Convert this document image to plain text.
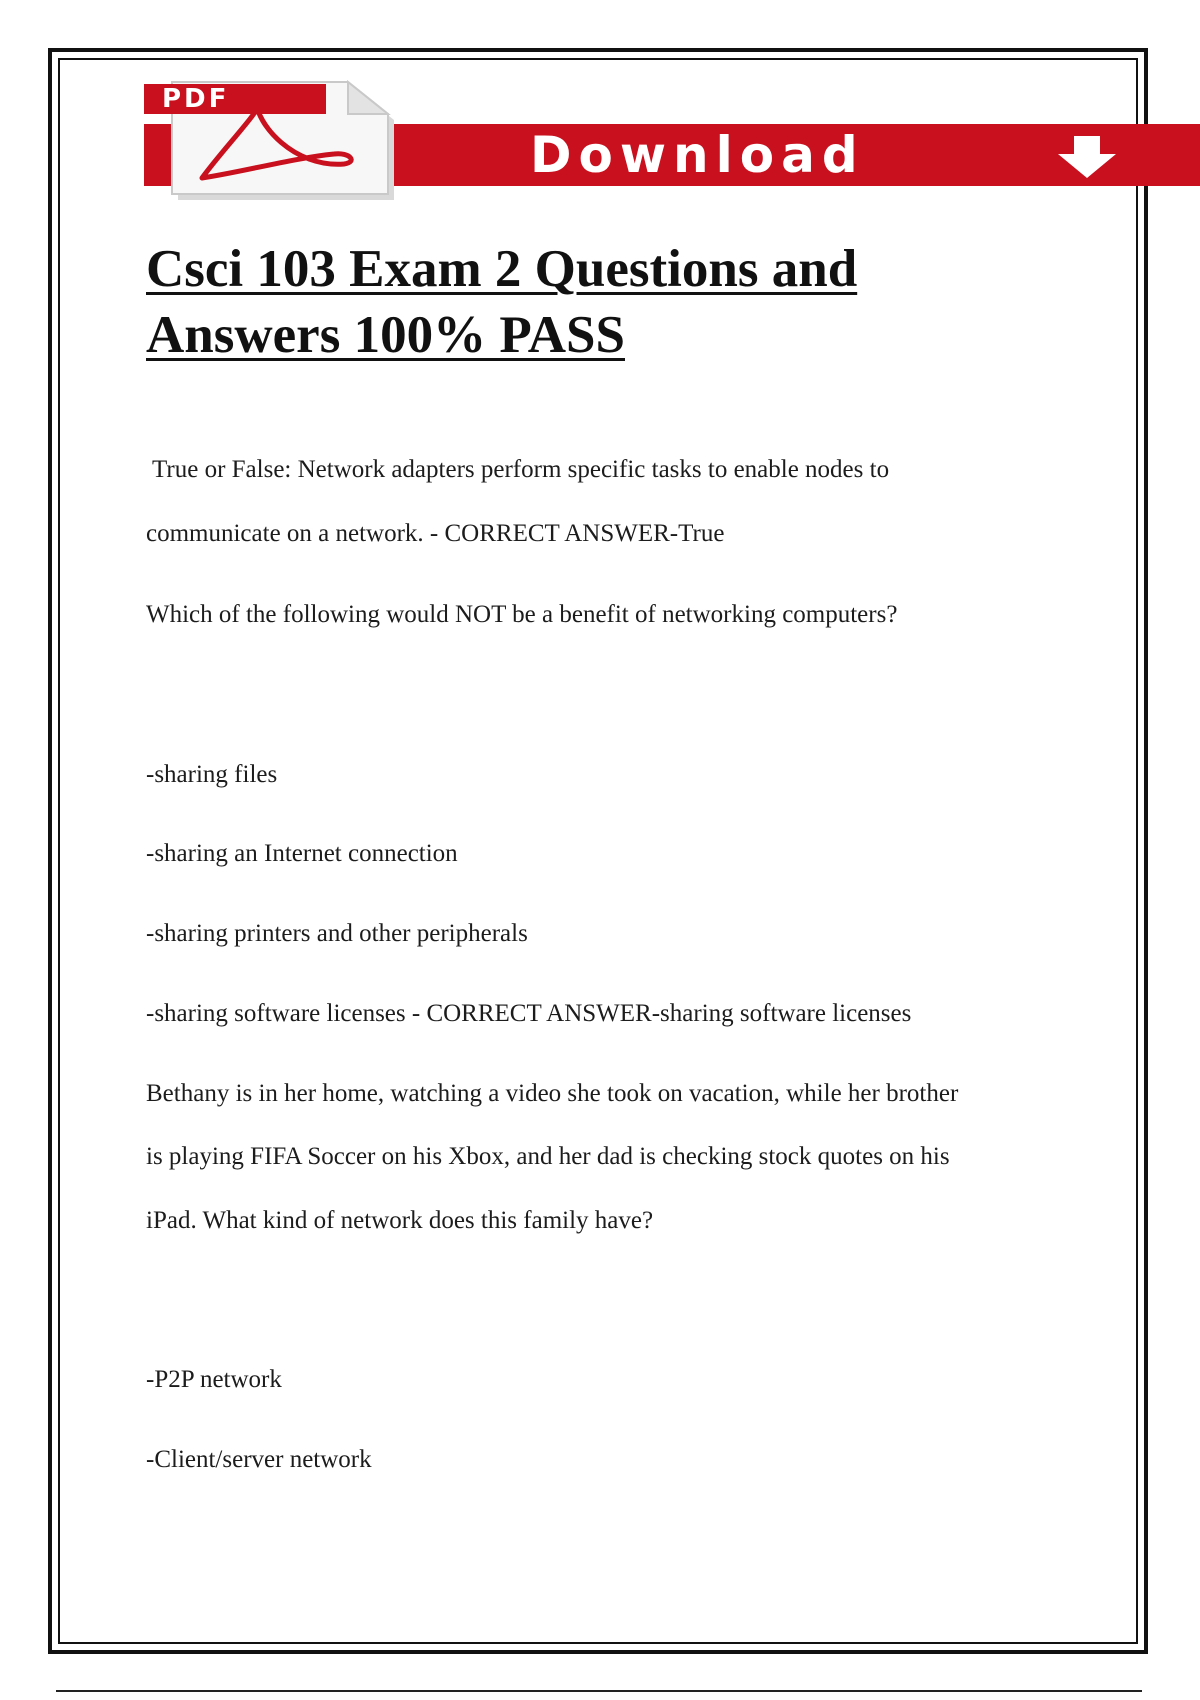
Download
PDF
Csci 103 Exam 2 Questions and
Answers 100% PASS

True or False: Network adapters perform specific tasks to enable nodes to

communicate on a network. - CORRECT ANSWER-True

Which of the following would NOT be a benefit of networking computers?

-sharing files

-sharing an Internet connection

-sharing printers and other peripherals

-sharing software licenses - CORRECT ANSWER-sharing software licenses

Bethany is in her home, watching a video she took on vacation, while her brother

is playing FIFA Soccer on his Xbox, and her dad is checking stock quotes on his

iPad. What kind of network does this family have?

-P2P network

-Client/server network
